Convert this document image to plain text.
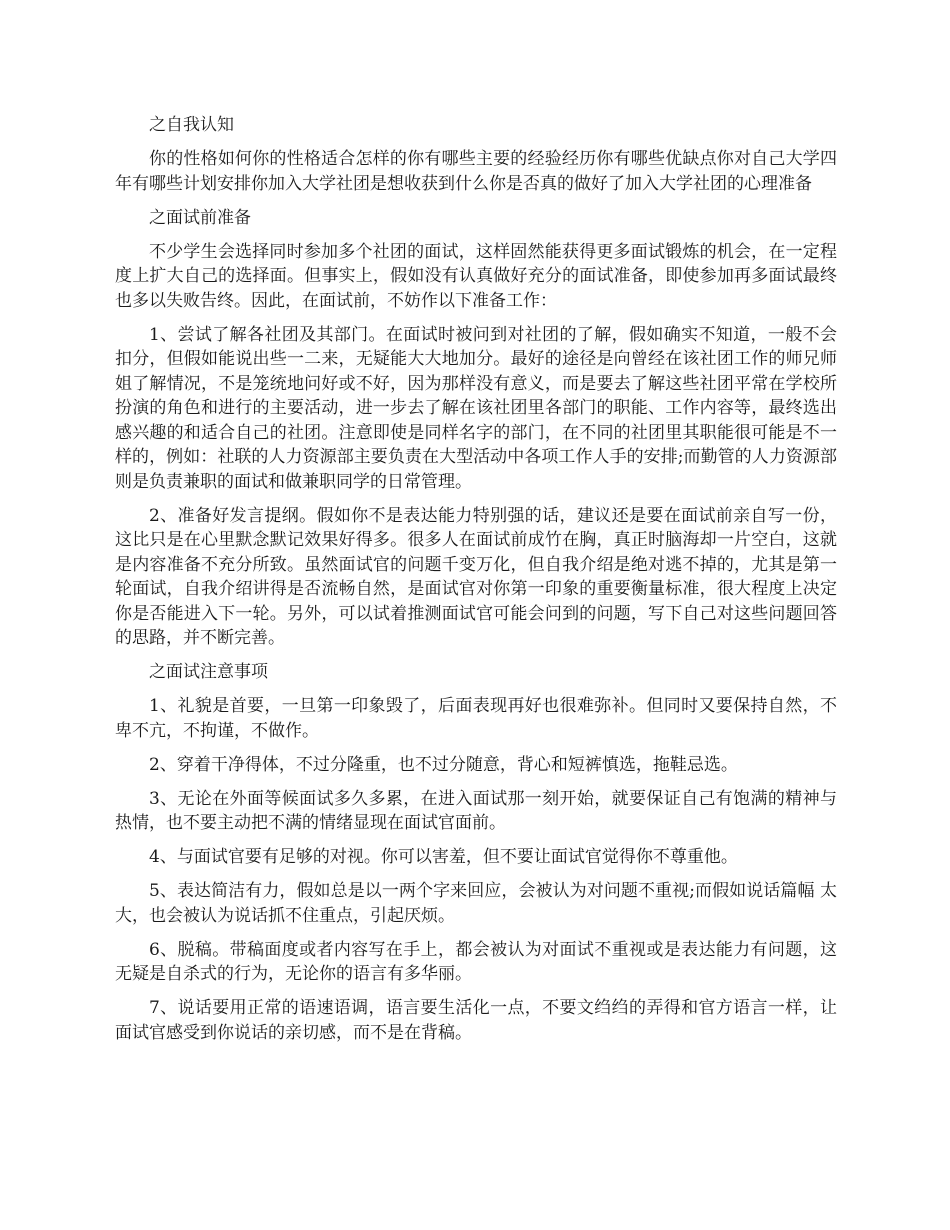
之自我认知

你的性格如何你的性格适合怎样的你有哪些主要的经验经历你有哪些优缺点你对自己大学四年有哪些计划安排你加入大学社团是想收获到什么你是否真的做好了加入大学社团的心理准备

之面试前准备

不少学生会选择同时参加多个社团的面试，这样固然能获得更多面试锻炼的机会，在一定程度上扩大自己的选择面。但事实上，假如没有认真做好充分的面试准备，即使参加再多面试最终也多以失败告终。因此，在面试前，不妨作以下准备工作：

1、尝试了解各社团及其部门。在面试时被问到对社团的了解，假如确实不知道，一般不会扣分，但假如能说出些一二来，无疑能大大地加分。最好的途径是向曾经在该社团工作的师兄师姐了解情况，不是笼统地问好或不好，因为那样没有意义，而是要去了解这些社团平常在学校所扮演的角色和进行的主要活动，进一步去了解在该社团里各部门的职能、工作内容等，最终选出感兴趣的和适合自己的社团。注意即使是同样名字的部门，在不同的社团里其职能很可能是不一样的，例如：社联的人力资源部主要负责在大型活动中各项工作人手的安排;而勤管的人力资源部则是负责兼职的面试和做兼职同学的日常管理。

2、准备好发言提纲。假如你不是表达能力特别强的话，建议还是要在面试前亲自写一份，这比只是在心里默念默记效果好得多。很多人在面试前成竹在胸，真正时脑海却一片空白，这就是内容准备不充分所致。虽然面试官的问题千变万化，但自我介绍是绝对逃不掉的，尤其是第一轮面试，自我介绍讲得是否流畅自然，是面试官对你第一印象的重要衡量标准，很大程度上决定你是否能进入下一轮。另外，可以试着推测面试官可能会问到的问题，写下自己对这些问题回答的思路，并不断完善。

之面试注意事项

1、礼貌是首要，一旦第一印象毁了，后面表现再好也很难弥补。但同时又要保持自然，不 卑不亢，不拘谨，不做作。

2、穿着干净得体，不过分隆重，也不过分随意，背心和短裤慎选，拖鞋忌选。

3、无论在外面等候面试多久多累，在进入面试那一刻开始，就要保证自己有饱满的精神与 热情，也不要主动把不满的情绪显现在面试官面前。

4、与面试官要有足够的对视。你可以害羞，但不要让面试官觉得你不尊重他。

5、表达简洁有力，假如总是以一两个字来回应，会被认为对问题不重视;而假如说话篇幅 太大，也会被认为说话抓不住重点，引起厌烦。

6、脱稿。带稿面度或者内容写在手上，都会被认为对面试不重视或是表达能力有问题，这 无疑是自杀式的行为，无论你的语言有多华丽。

7、说话要用正常的语速语调，语言要生活化一点，不要文绉绉的弄得和官方语言一样，让 面试官感受到你说话的亲切感，而不是在背稿。
